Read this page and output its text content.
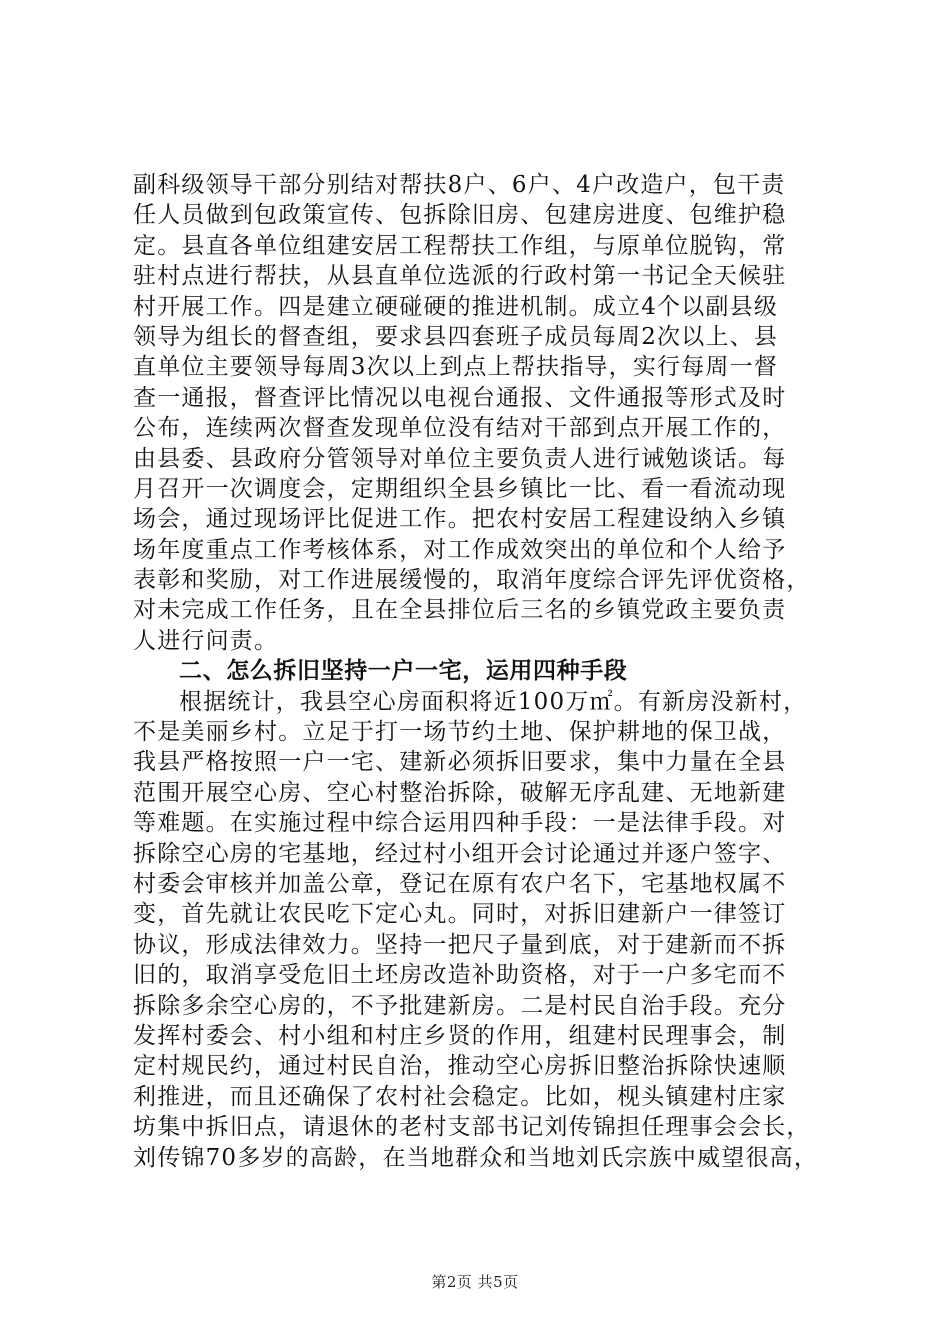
副科级领导干部分别结对帮扶8户、6户、4户改造户，包干责
任人员做到包政策宣传、包拆除旧房、包建房进度、包维护稳
定。县直各单位组建安居工程帮扶工作组，与原单位脱钩，常
驻村点进行帮扶，从县直单位选派的行政村第一书记全天候驻
村开展工作。四是建立硬碰硬的推进机制。成立4个以副县级
领导为组长的督查组，要求县四套班子成员每周2次以上、县
直单位主要领导每周3次以上到点上帮扶指导，实行每周一督
查一通报，督查评比情况以电视台通报、文件通报等形式及时
公布，连续两次督查发现单位没有结对干部到点开展工作的，
由县委、县政府分管领导对单位主要负责人进行诫勉谈话。每
月召开一次调度会，定期组织全县乡镇比一比、看一看流动现
场会，通过现场评比促进工作。把农村安居工程建设纳入乡镇
场年度重点工作考核体系，对工作成效突出的单位和个人给予
表彰和奖励，对工作进展缓慢的，取消年度综合评先评优资格，
对未完成工作任务，且在全县排位后三名的乡镇党政主要负责
人进行问责。
二、怎么拆旧坚持一户一宅，运用四种手段
根据统计，我县空心房面积将近100万㎡。有新房没新村，
不是美丽乡村。立足于打一场节约土地、保护耕地的保卫战，
我县严格按照一户一宅、建新必须拆旧要求，集中力量在全县
范围开展空心房、空心村整治拆除，破解无序乱建、无地新建
等难题。在实施过程中综合运用四种手段：一是法律手段。对
拆除空心房的宅基地，经过村小组开会讨论通过并逐户签字、
村委会审核并加盖公章，登记在原有农户名下，宅基地权属不
变，首先就让农民吃下定心丸。同时，对拆旧建新户一律签订
协议，形成法律效力。坚持一把尺子量到底，对于建新而不拆
旧的，取消享受危旧土坯房改造补助资格，对于一户多宅而不
拆除多余空心房的，不予批建新房。二是村民自治手段。充分
发挥村委会、村小组和村庄乡贤的作用，组建村民理事会，制
定村规民约，通过村民自治，推动空心房拆旧整治拆除快速顺
利推进，而且还确保了农村社会稳定。比如，枧头镇建村庄家
坊集中拆旧点，请退休的老村支部书记刘传锦担任理事会会长，
刘传锦70多岁的高龄，在当地群众和当地刘氏宗族中威望很高，
第2页 共5页
